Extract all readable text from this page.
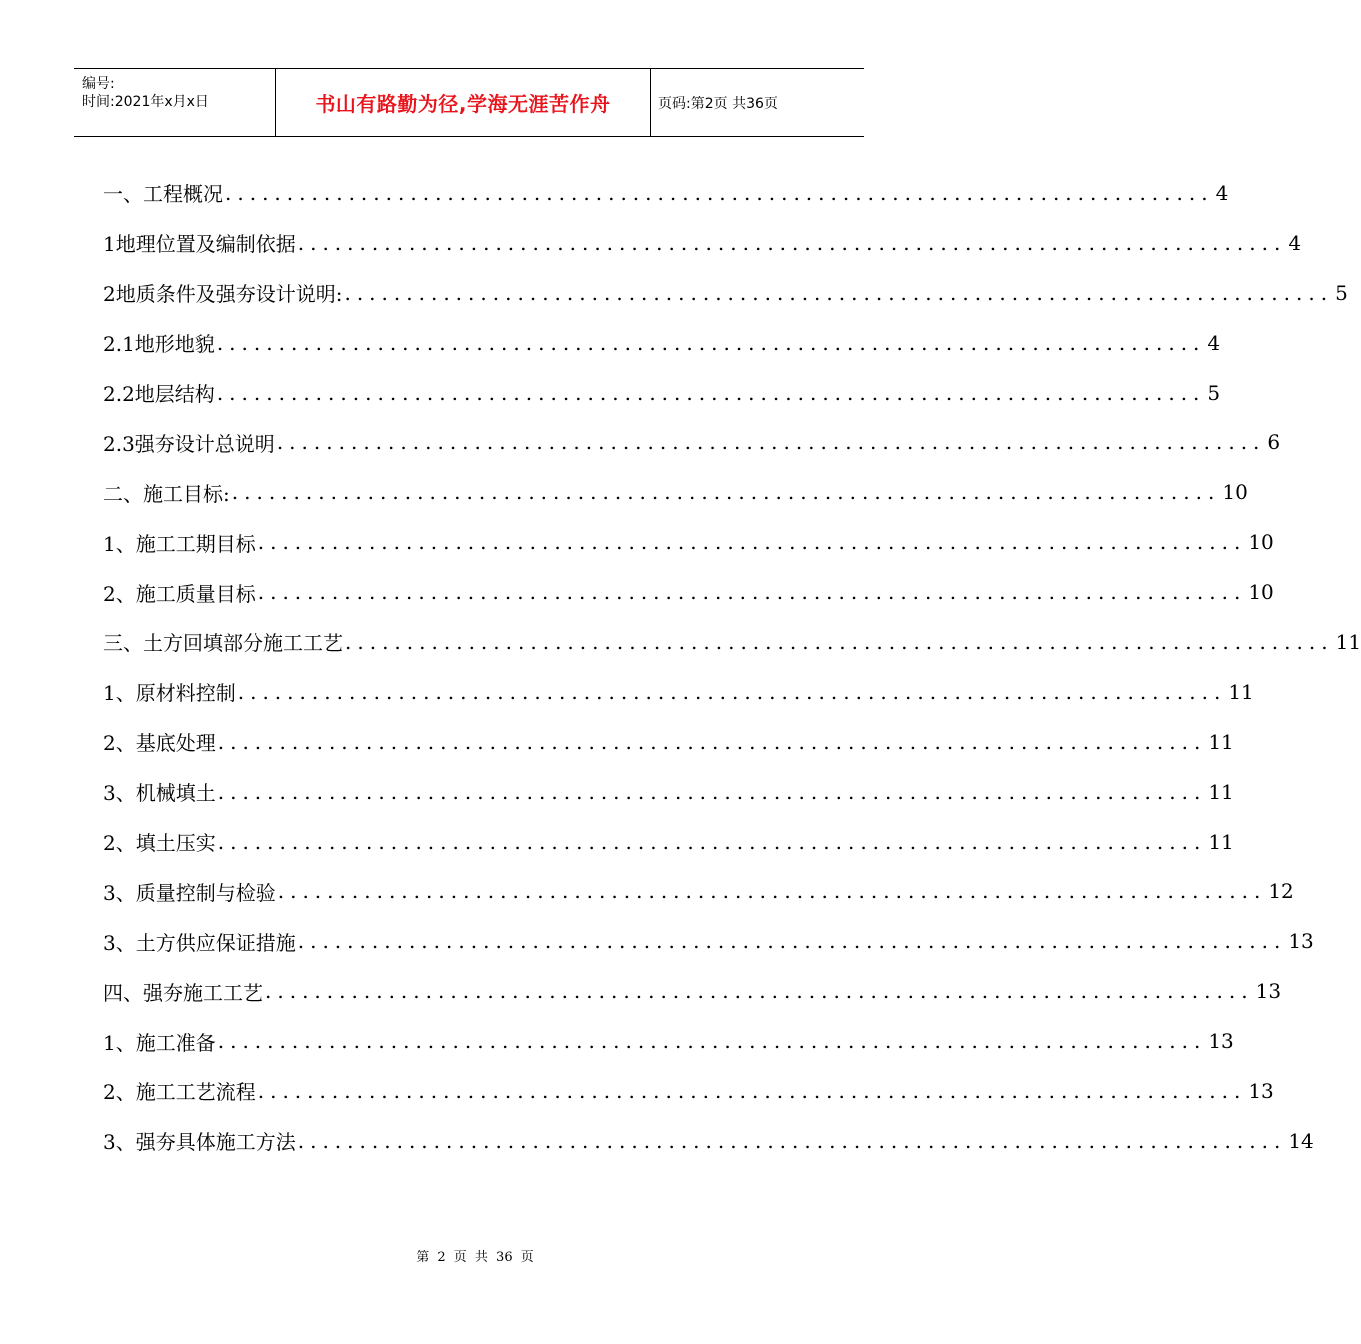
编号:
时间:2021年x月x日	书山有路勤为径,学海无涯苦作舟	页码:第2页 共36页
一、工程概况 ................................................................................ 4
1地理位置及编制依据 ................................................................................ 4
2地质条件及强夯设计说明: ................................................................................ 5
2.1地形地貌 ................................................................................ 4
2.2地层结构 ................................................................................ 5
2.3强夯设计总说明 ................................................................................ 6
二、施工目标: ................................................................................ 10
1、施工工期目标 ................................................................................ 10
2、施工质量目标 ................................................................................ 10
三、土方回填部分施工工艺 ................................................................................ 11
1、原材料控制 ................................................................................ 11
2、基底处理 ................................................................................ 11
3、机械填土 ................................................................................ 11
2、填土压实 ................................................................................ 11
3、质量控制与检验 ................................................................................ 12
3、土方供应保证措施 ................................................................................ 13
四、强夯施工工艺 ................................................................................ 13
1、施工准备 ................................................................................ 13
2、施工工艺流程 ................................................................................ 13
3、强夯具体施工方法 ................................................................................ 14
第 2 页 共 36 页
